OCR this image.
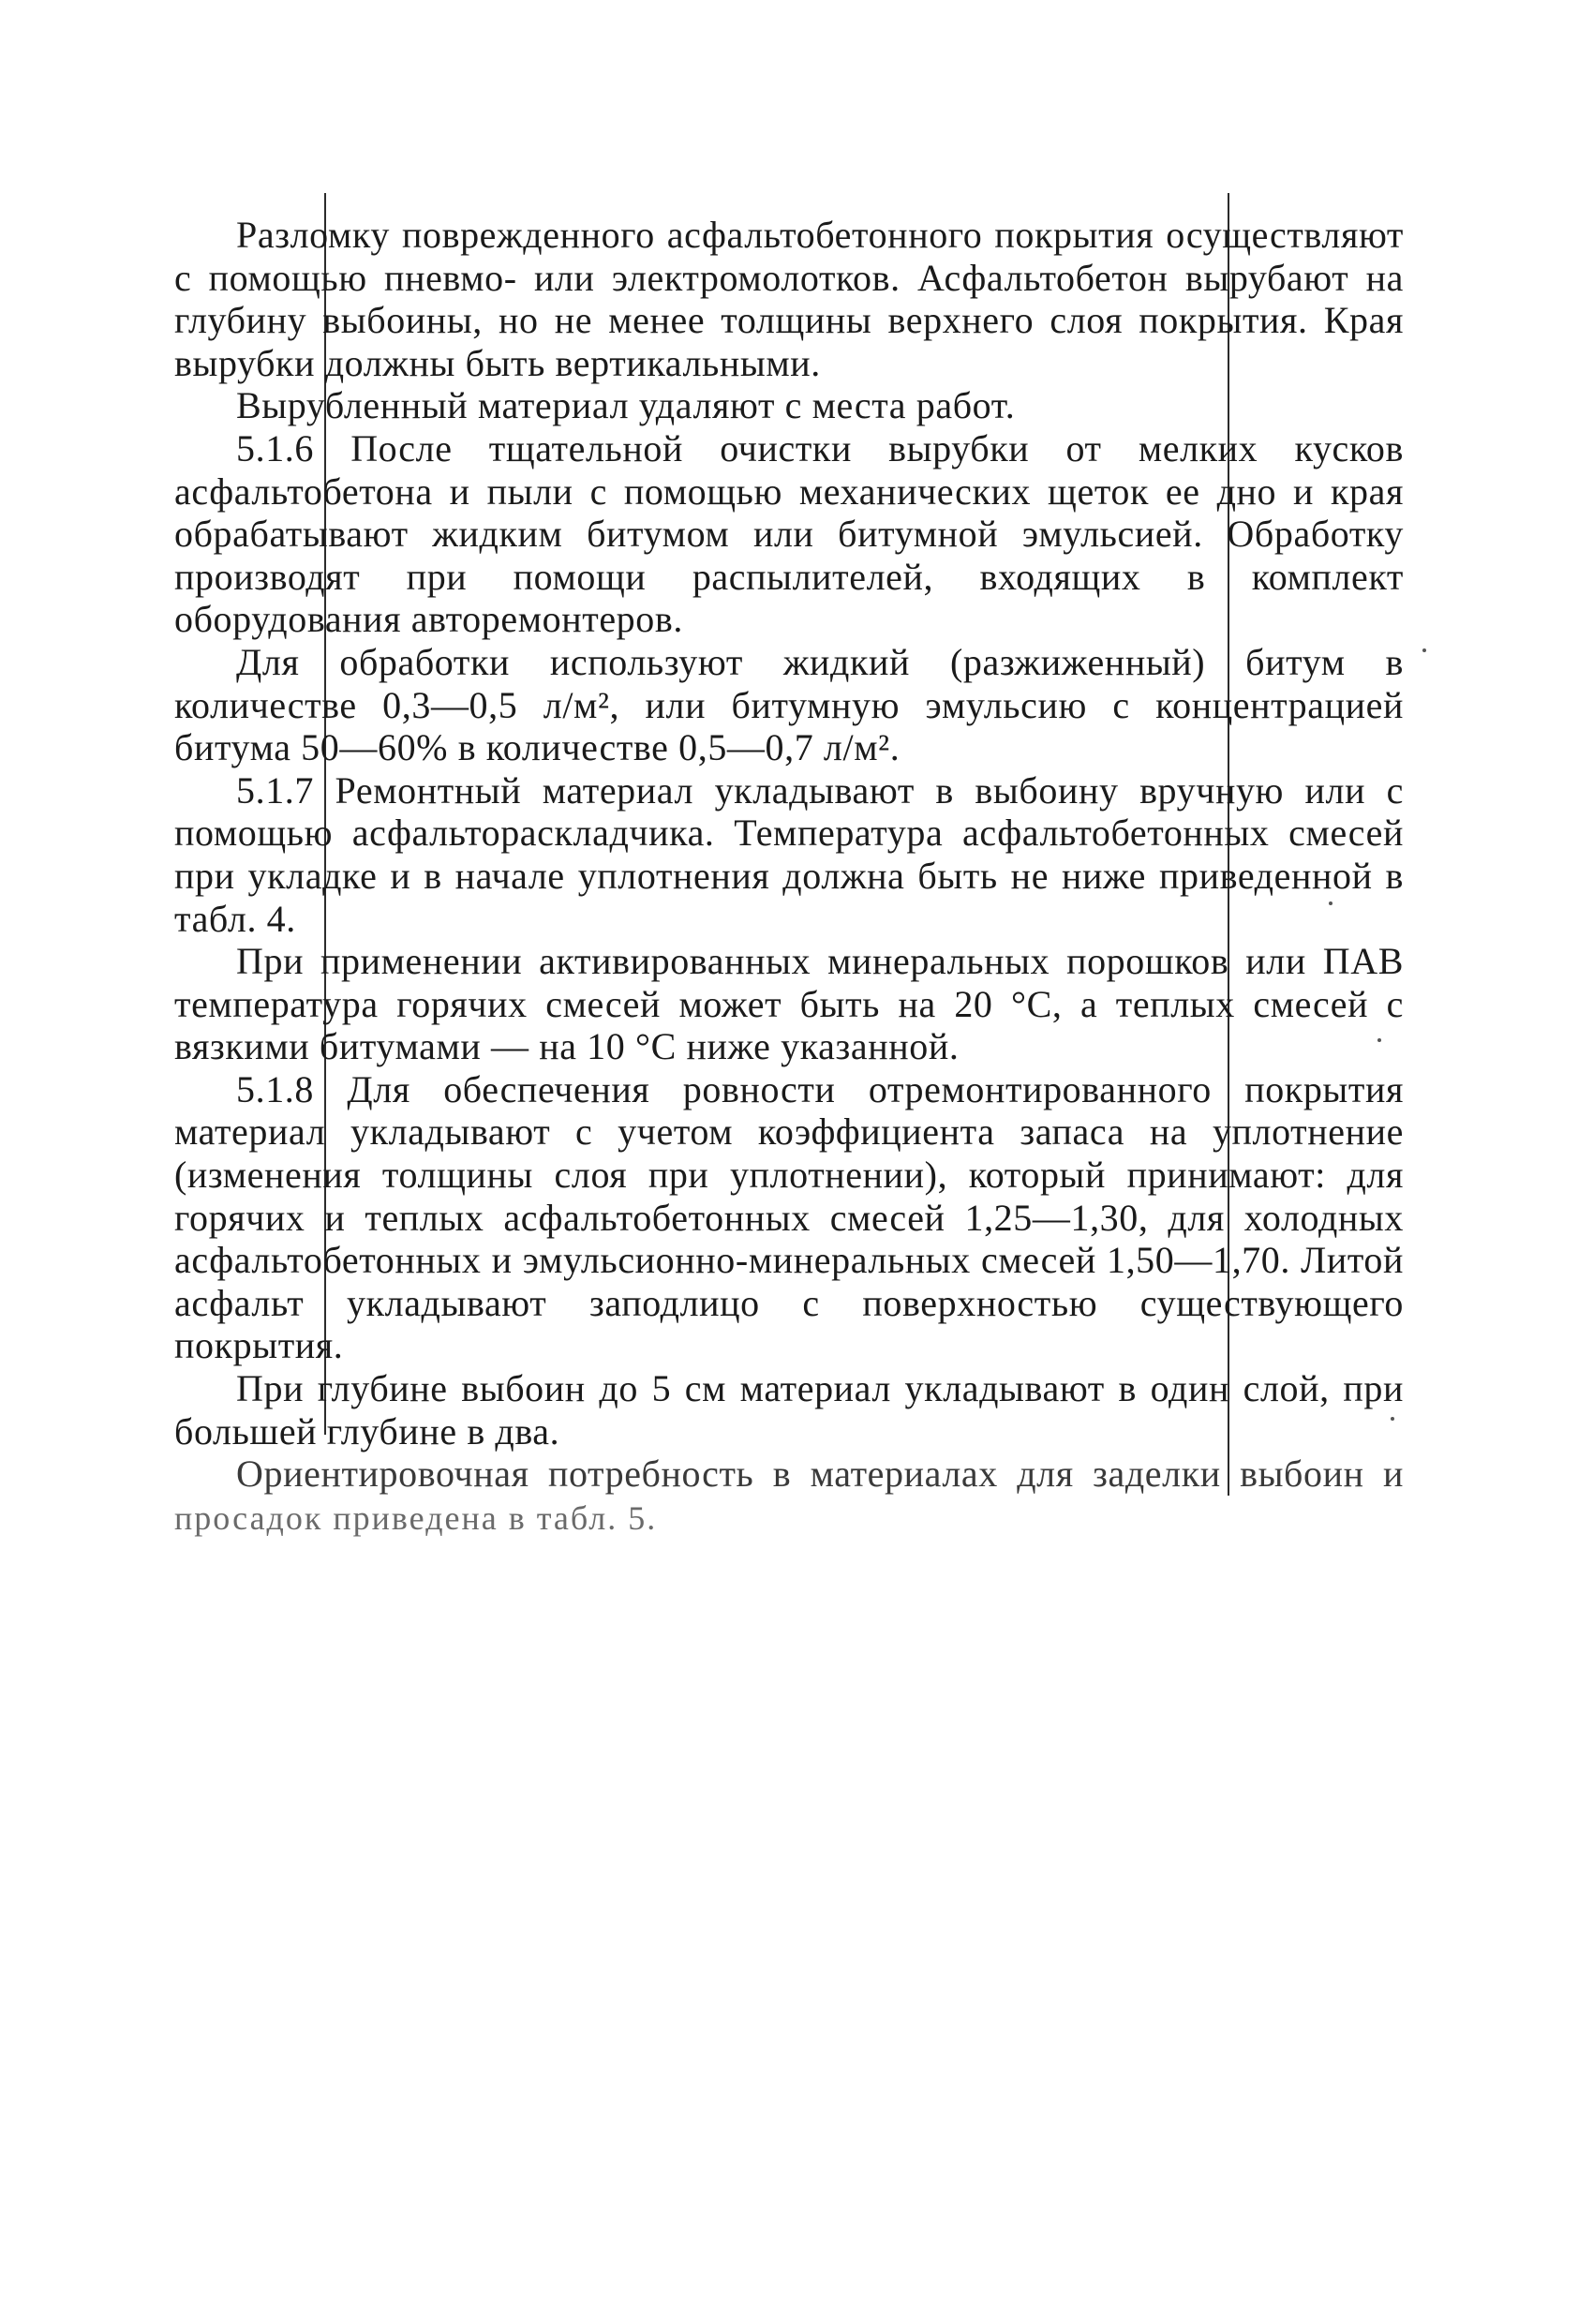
Разломку поврежденного асфальтобетонного покрытия осуществляют с помощью пневмо- или электромолотков. Асфальтобетон вырубают на глубину выбоины, но не менее толщины верхнего слоя покрытия. Края вырубки должны быть вертикальными.

Вырубленный материал удаляют с места работ.

5.1.6 После тщательной очистки вырубки от мелких кусков асфальтобетона и пыли с помощью механических щеток ее дно и края обрабатывают жидким битумом или битумной эмульсией. Обработку производят при помощи распылителей, входящих в комплект оборудования авторемонтеров.

Для обработки используют жидкий (разжиженный) битум в количестве 0,3—0,5 л/м², или битумную эмульсию с концентрацией битума 50—60% в количестве 0,5—0,7 л/м².

5.1.7 Ремонтный материал укладывают в выбоину вручную или с помощью асфальтораскладчика. Температура асфальтобетонных смесей при укладке и в начале уплотнения должна быть не ниже приведенной в табл. 4.

При применении активированных минеральных порошков или ПАВ температура горячих смесей может быть на 20 °С, а теплых смесей с вязкими битумами — на 10 °С ниже указанной.

5.1.8 Для обеспечения ровности отремонтированного покрытия материал укладывают с учетом коэффициента запаса на уплотнение (изменения толщины слоя при уплотнении), который принимают: для горячих и теплых асфальтобетонных смесей 1,25—1,30, для холодных асфальтобетонных и эмульсионно-минеральных смесей 1,50—1,70. Литой асфальт укладывают заподлицо с поверхностью существующего покрытия.

При глубине выбоин до 5 см материал укладывают в один слой, при большей глубине в два.

Ориентировочная потребность в материалах для заделки выбоин и просадок приведена в табл. 5.
